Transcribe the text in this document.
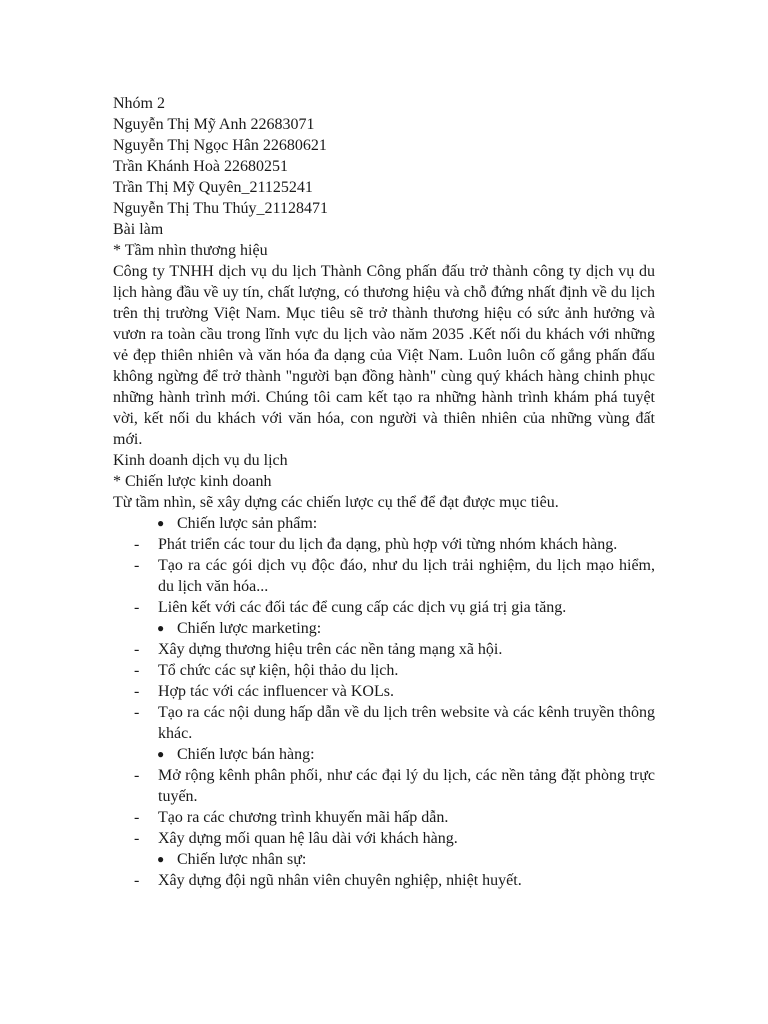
Nhóm 2

Nguyễn Thị Mỹ Anh 22683071

Nguyễn Thị Ngọc Hân 22680621

Trần Khánh Hoà 22680251

Trần Thị Mỹ Quyên_21125241

Nguyễn Thị Thu Thúy_21128471

Bài làm

* Tầm nhìn thương hiệu

Công ty TNHH dịch vụ du lịch Thành Công phấn đấu trở thành công ty dịch vụ du lịch hàng đầu về uy tín, chất lượng, có thương hiệu và chỗ đứng nhất định về du lịch trên thị trường Việt Nam. Mục tiêu sẽ trở thành thương hiệu có sức ảnh hưởng và vươn ra toàn cầu trong lĩnh vực du lịch vào năm 2035 .Kết nối du khách với những vẻ đẹp thiên nhiên và văn hóa đa dạng của Việt Nam. Luôn luôn cố gắng phấn đấu không ngừng để trở thành "người bạn đồng hành" cùng quý khách hàng chinh phục những hành trình mới. Chúng tôi cam kết tạo ra những hành trình khám phá tuyệt vời, kết nối du khách với văn hóa, con người và thiên nhiên của những vùng đất mới.

Kinh doanh dịch vụ du lịch

* Chiến lược kinh doanh

Từ tầm nhìn, sẽ xây dựng các chiến lược cụ thể để đạt được mục tiêu.

● Chiến lược sản phẩm:

- Phát triển các tour du lịch đa dạng, phù hợp với từng nhóm khách hàng.

- Tạo ra các gói dịch vụ độc đáo, như du lịch trải nghiệm, du lịch mạo hiểm, du lịch văn hóa...

- Liên kết với các đối tác để cung cấp các dịch vụ giá trị gia tăng.

● Chiến lược marketing:

- Xây dựng thương hiệu trên các nền tảng mạng xã hội.

- Tổ chức các sự kiện, hội thảo du lịch.

- Hợp tác với các influencer và KOLs.

- Tạo ra các nội dung hấp dẫn về du lịch trên website và các kênh truyền thông khác.

● Chiến lược bán hàng:

- Mở rộng kênh phân phối, như các đại lý du lịch, các nền tảng đặt phòng trực tuyến.

- Tạo ra các chương trình khuyến mãi hấp dẫn.

- Xây dựng mối quan hệ lâu dài với khách hàng.

● Chiến lược nhân sự:

- Xây dựng đội ngũ nhân viên chuyên nghiệp, nhiệt huyết.
